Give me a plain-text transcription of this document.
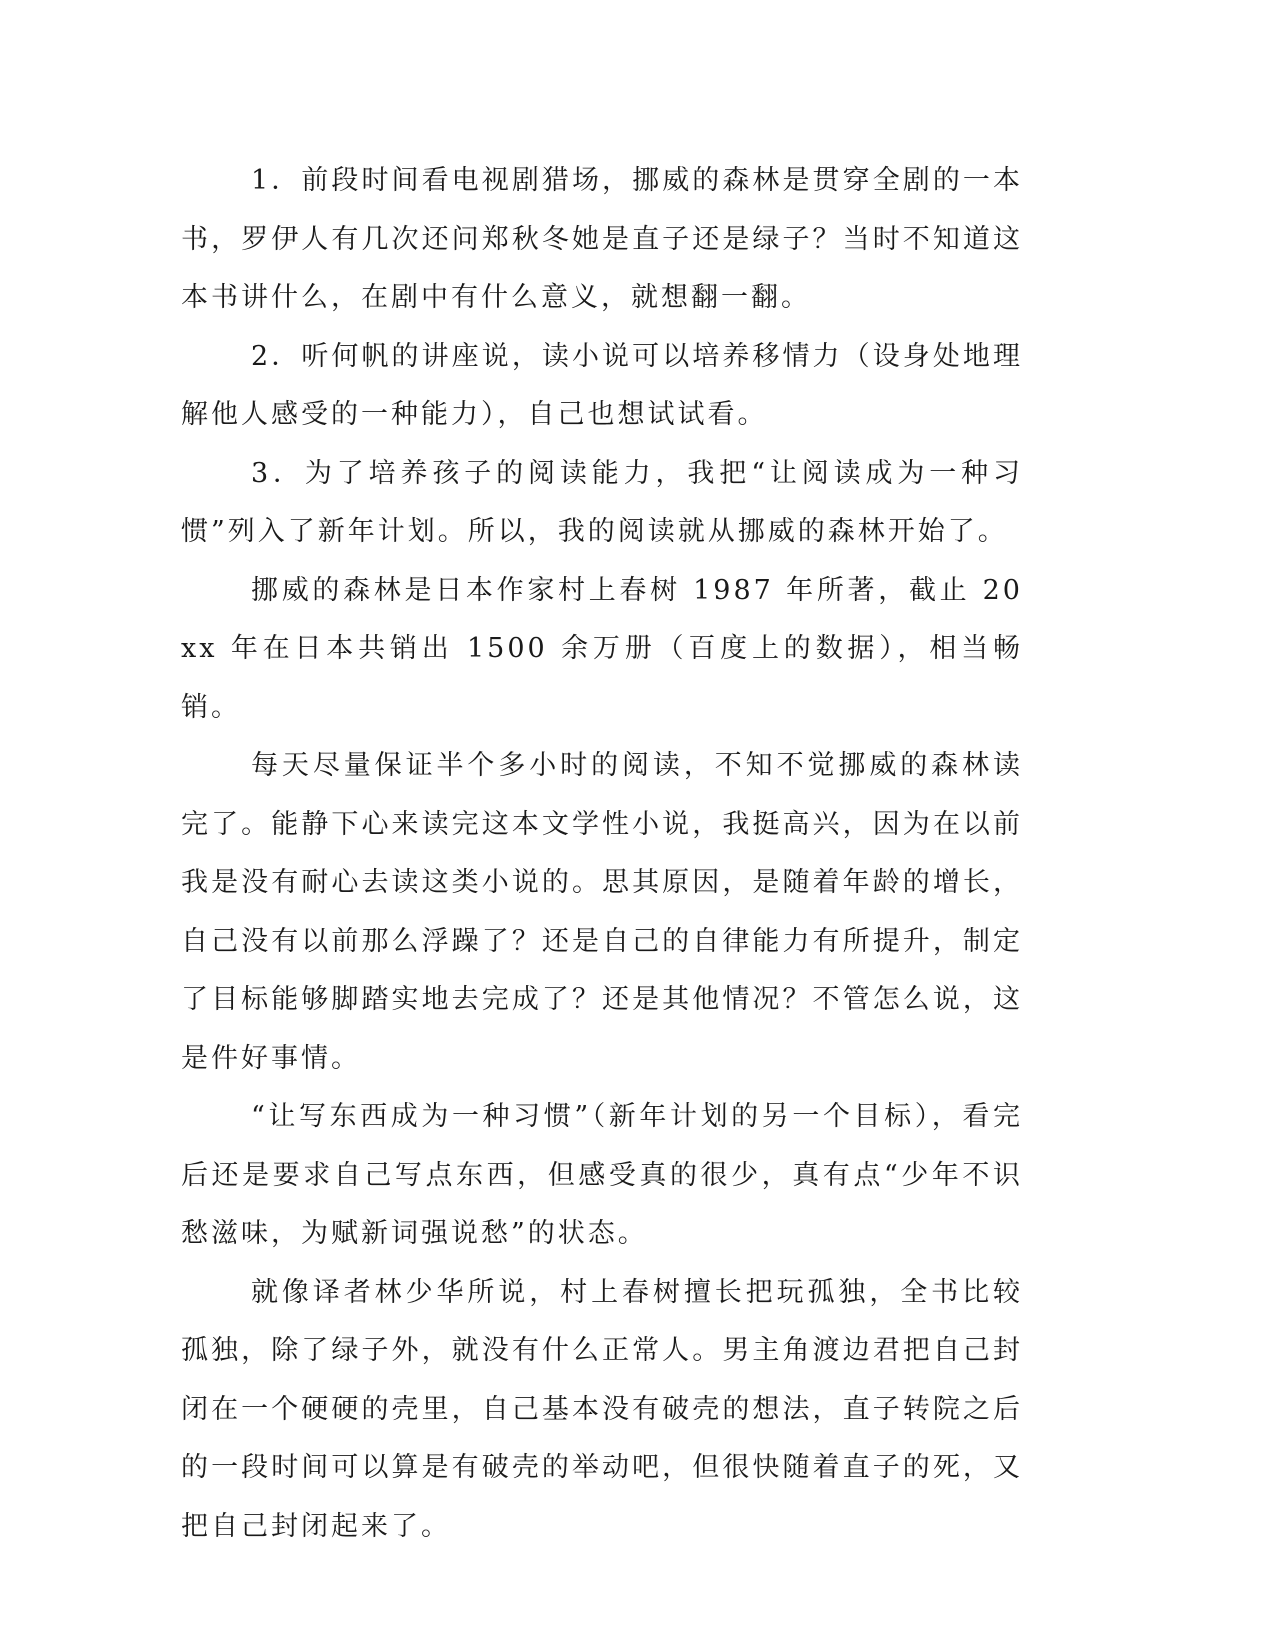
1．前段时间看电视剧猎场，挪威的森林是贯穿全剧的一本书，罗伊人有几次还问郑秋冬她是直子还是绿子？当时不知道这本书讲什么，在剧中有什么意义，就想翻一翻。

2．听何帆的讲座说，读小说可以培养移情力（设身处地理解他人感受的一种能力），自己也想试试看。

3．为了培养孩子的阅读能力，我把“让阅读成为一种习惯”列入了新年计划。所以，我的阅读就从挪威的森林开始了。

挪威的森林是日本作家村上春树 1987 年所著，截止 20xx 年在日本共销出 1500 余万册（百度上的数据），相当畅销。

每天尽量保证半个多小时的阅读，不知不觉挪威的森林读完了。能静下心来读完这本文学性小说，我挺高兴，因为在以前我是没有耐心去读这类小说的。思其原因，是随着年龄的增长，自己没有以前那么浮躁了？还是自己的自律能力有所提升，制定了目标能够脚踏实地去完成了？还是其他情况？不管怎么说，这是件好事情。

“让写东西成为一种习惯”（新年计划的另一个目标），看完后还是要求自己写点东西，但感受真的很少，真有点“少年不识愁滋味，为赋新词强说愁”的状态。

就像译者林少华所说，村上春树擅长把玩孤独，全书比较孤独，除了绿子外，就没有什么正常人。男主角渡边君把自己封闭在一个硬硬的壳里，自己基本没有破壳的想法，直子转院之后的一段时间可以算是有破壳的举动吧，但很快随着直子的死，又把自己封闭起来了。
